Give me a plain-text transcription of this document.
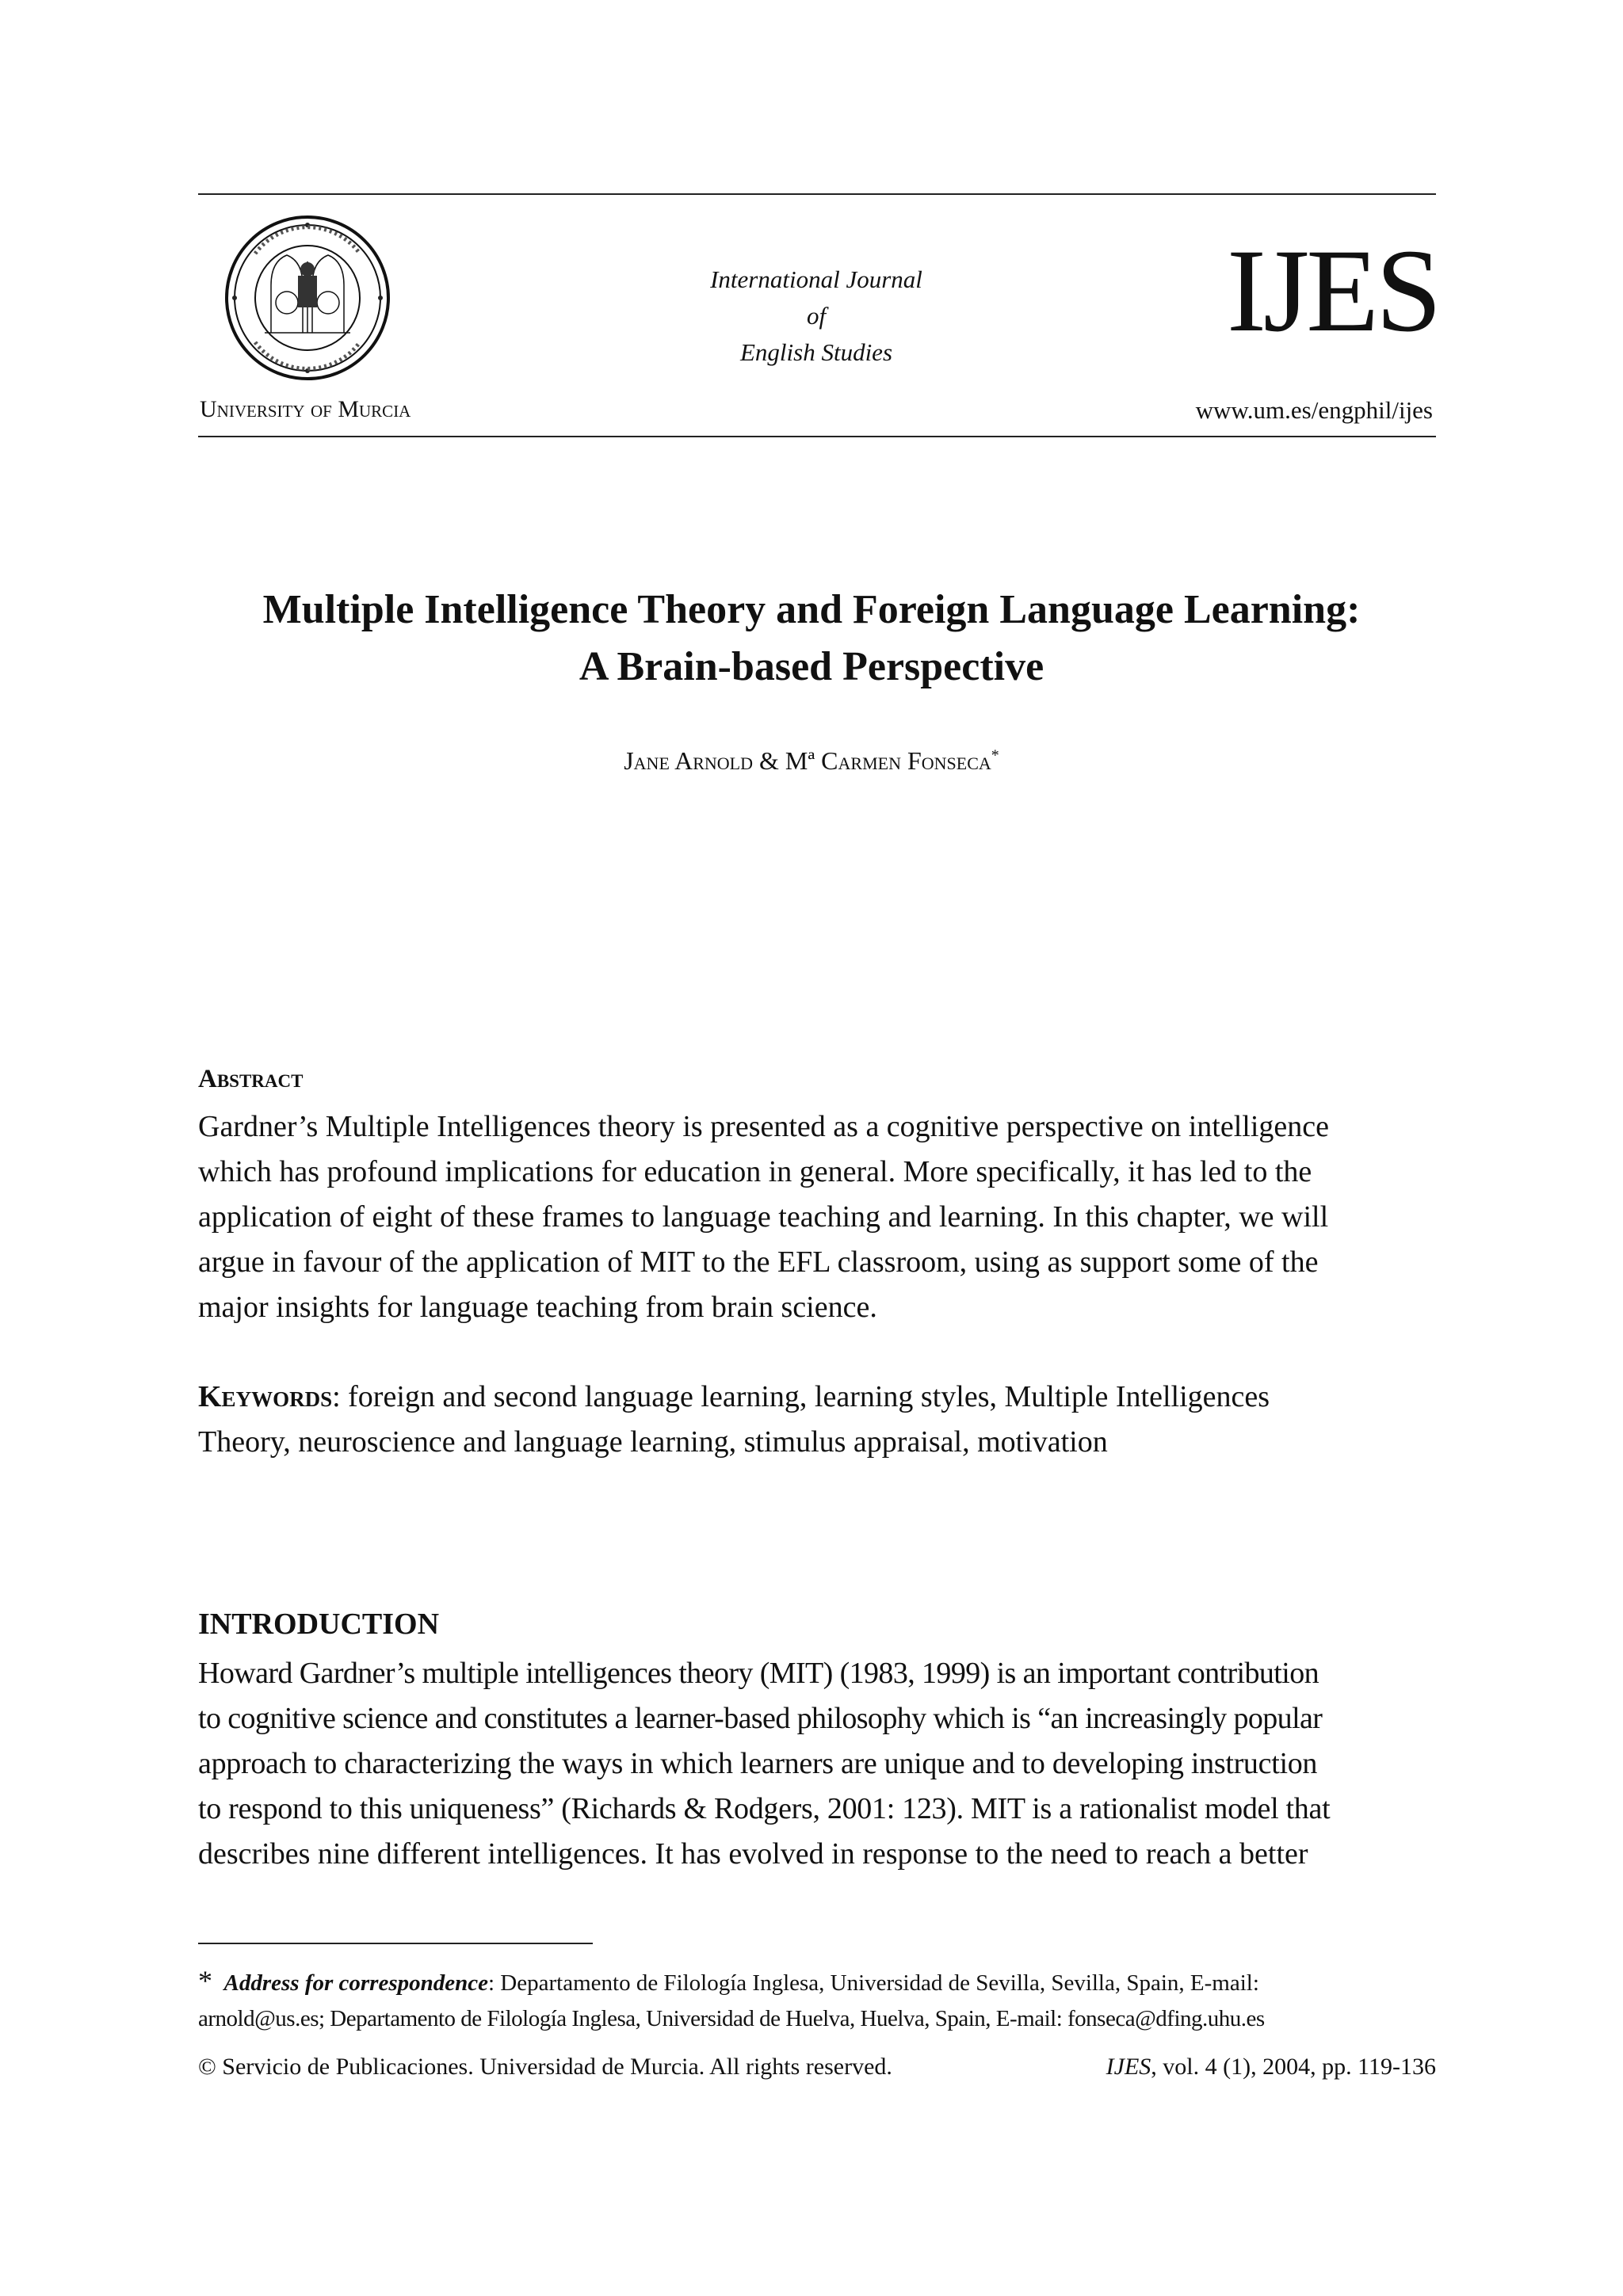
International Journal
of
English Studies	IJES
University of Murcia	www.um.es/engphil/ijes
Multiple Intelligence Theory and Foreign Language Learning:
A Brain-based Perspective
Jane Arnold & Mª Carmen Fonseca*
Abstract
Gardner’s Multiple Intelligences theory is presented as a cognitive perspective on intelligence
which has profound implications for education in general. More specifically, it has led to the
application of eight of these frames to language teaching and learning. In this chapter, we will
argue in favour of the application of MIT to the EFL classroom, using as support some of the
major insights for language teaching from brain science.
Keywords: foreign and second language learning, learning styles, Multiple Intelligences
Theory, neuroscience and language learning, stimulus appraisal, motivation
INTRODUCTION
Howard Gardner’s multiple intelligences theory (MIT) (1983, 1999) is an important contribution
to cognitive science and constitutes a learner-based philosophy which is “an increasingly popular
approach to characterizing the ways in which learners are unique and to developing instruction
to respond to this uniqueness” (Richards & Rodgers, 2001: 123). MIT is a rationalist model that
describes nine different intelligences. It has evolved in response to the need to reach a better
* Address for correspondence: Departamento de Filología Inglesa, Universidad de Sevilla, Sevilla, Spain, E-mail:
arnold@us.es; Departamento de Filología Inglesa, Universidad de Huelva, Huelva, Spain, E-mail: fonseca@dfing.uhu.es
© Servicio de Publicaciones. Universidad de Murcia. All rights reserved.	IJES, vol. 4 (1), 2004, pp. 119-136
